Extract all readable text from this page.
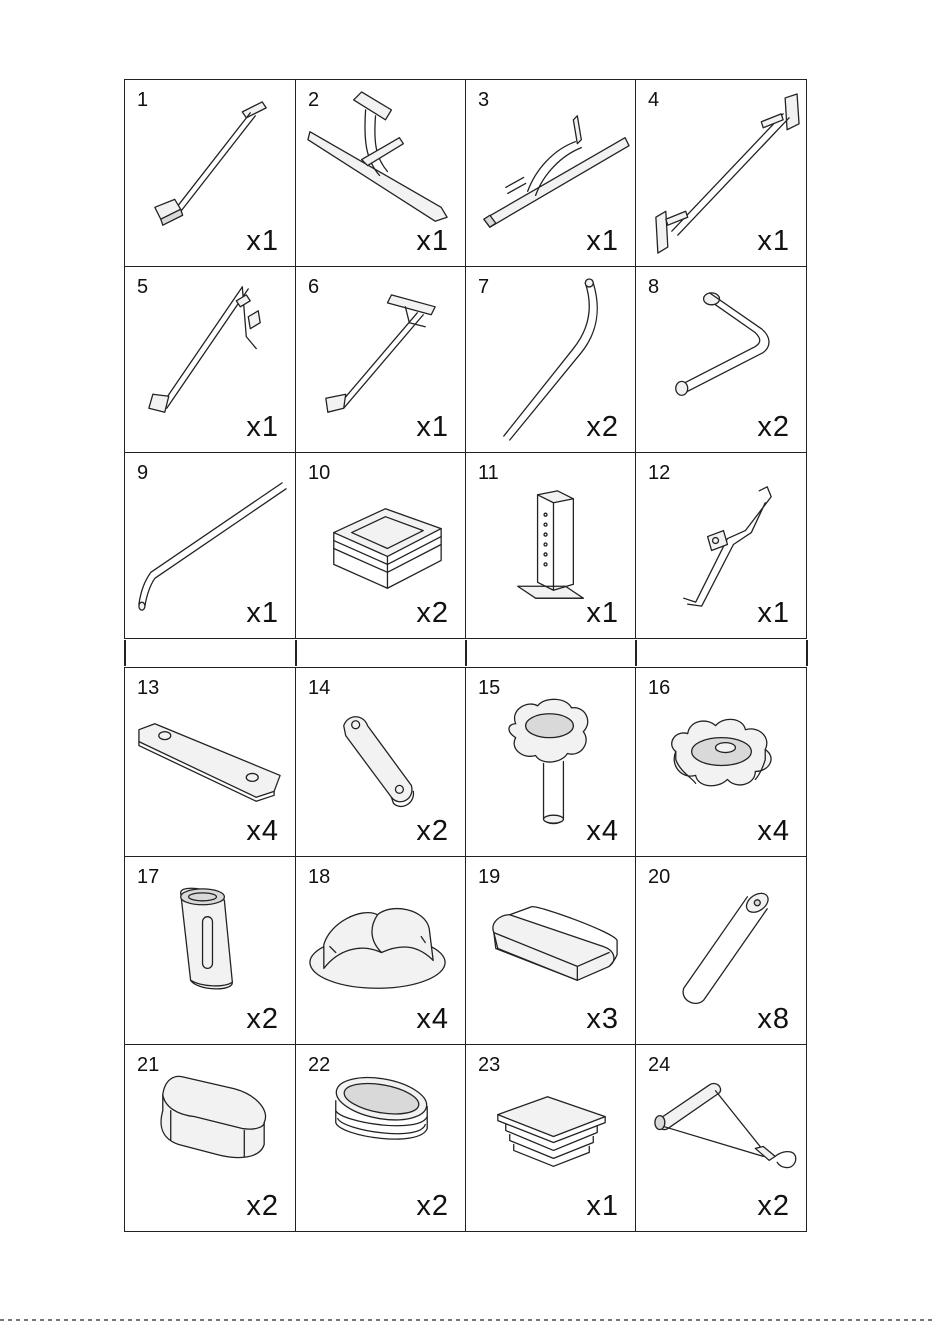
1
x1
2
x1
3
x1
4
x1
5
x1
6
x1
7
x2
8
x2
9
x1
10
x2
11
x1
12
x1
13
x4
14
x2
15
x4
16
x4
17
x2
18
x4
19
x3
20
x8
21
x2
22
x2
23
x1
24
x2
